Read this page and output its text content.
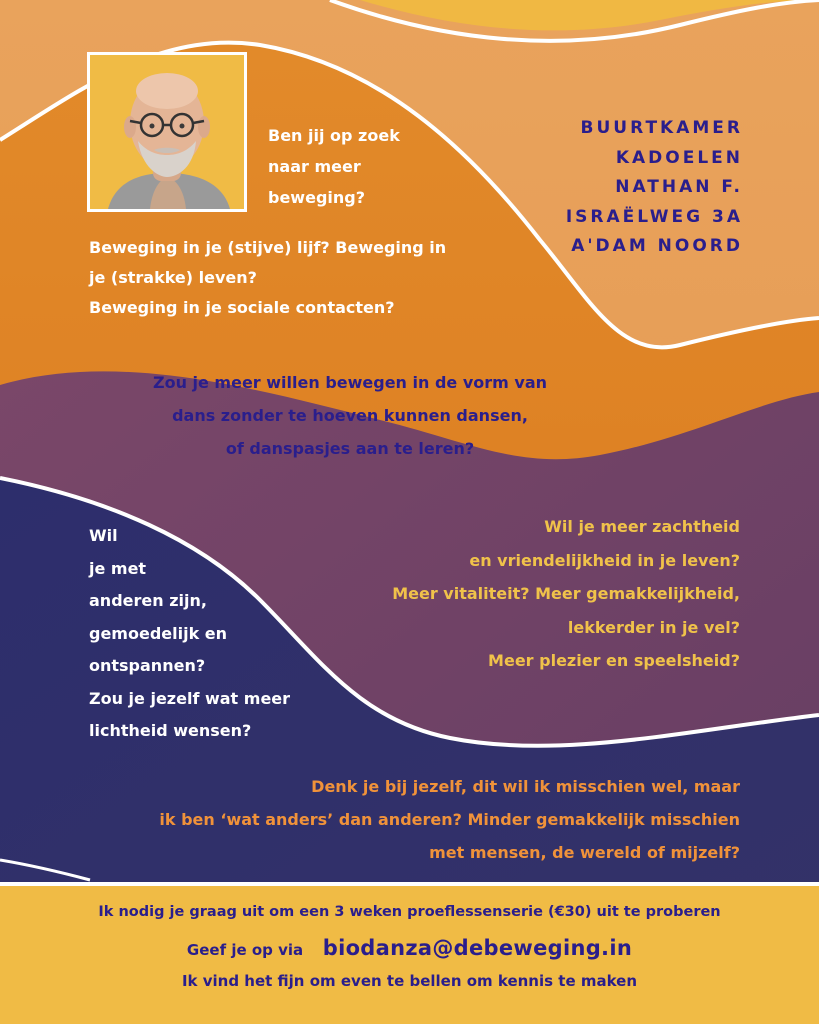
Ben jij op zoek
naar meer
beweging?
BUURTKAMER
KADOELEN
NATHAN F.
ISRAËLWEG 3A
A'DAM NOORD
Beweging in je (stijve) lijf? Beweging in
je (strakke) leven?
Beweging in je sociale contacten?
Zou je meer willen bewegen in de vorm van
dans zonder te hoeven kunnen dansen,
of danspasjes aan te leren?
Wil je meer zachtheid
en vriendelijkheid in je leven?
Meer vitaliteit? Meer gemakkelijkheid,
lekkerder in je vel?
Meer plezier en speelsheid?
Wil
je met
anderen zijn,
gemoedelijk en
ontspannen?
Zou je jezelf wat meer
lichtheid wensen?
Denk je bij jezelf, dit wil ik misschien wel, maar
ik ben ‘wat anders’ dan anderen? Minder gemakkelijk misschien
met mensen, de wereld of mijzelf?
Ik nodig je graag uit om een 3 weken proeflessenserie (€30) uit te proberen
Geef je op via biodanza@debeweging.in
Ik vind het fijn om even te bellen om kennis te maken
